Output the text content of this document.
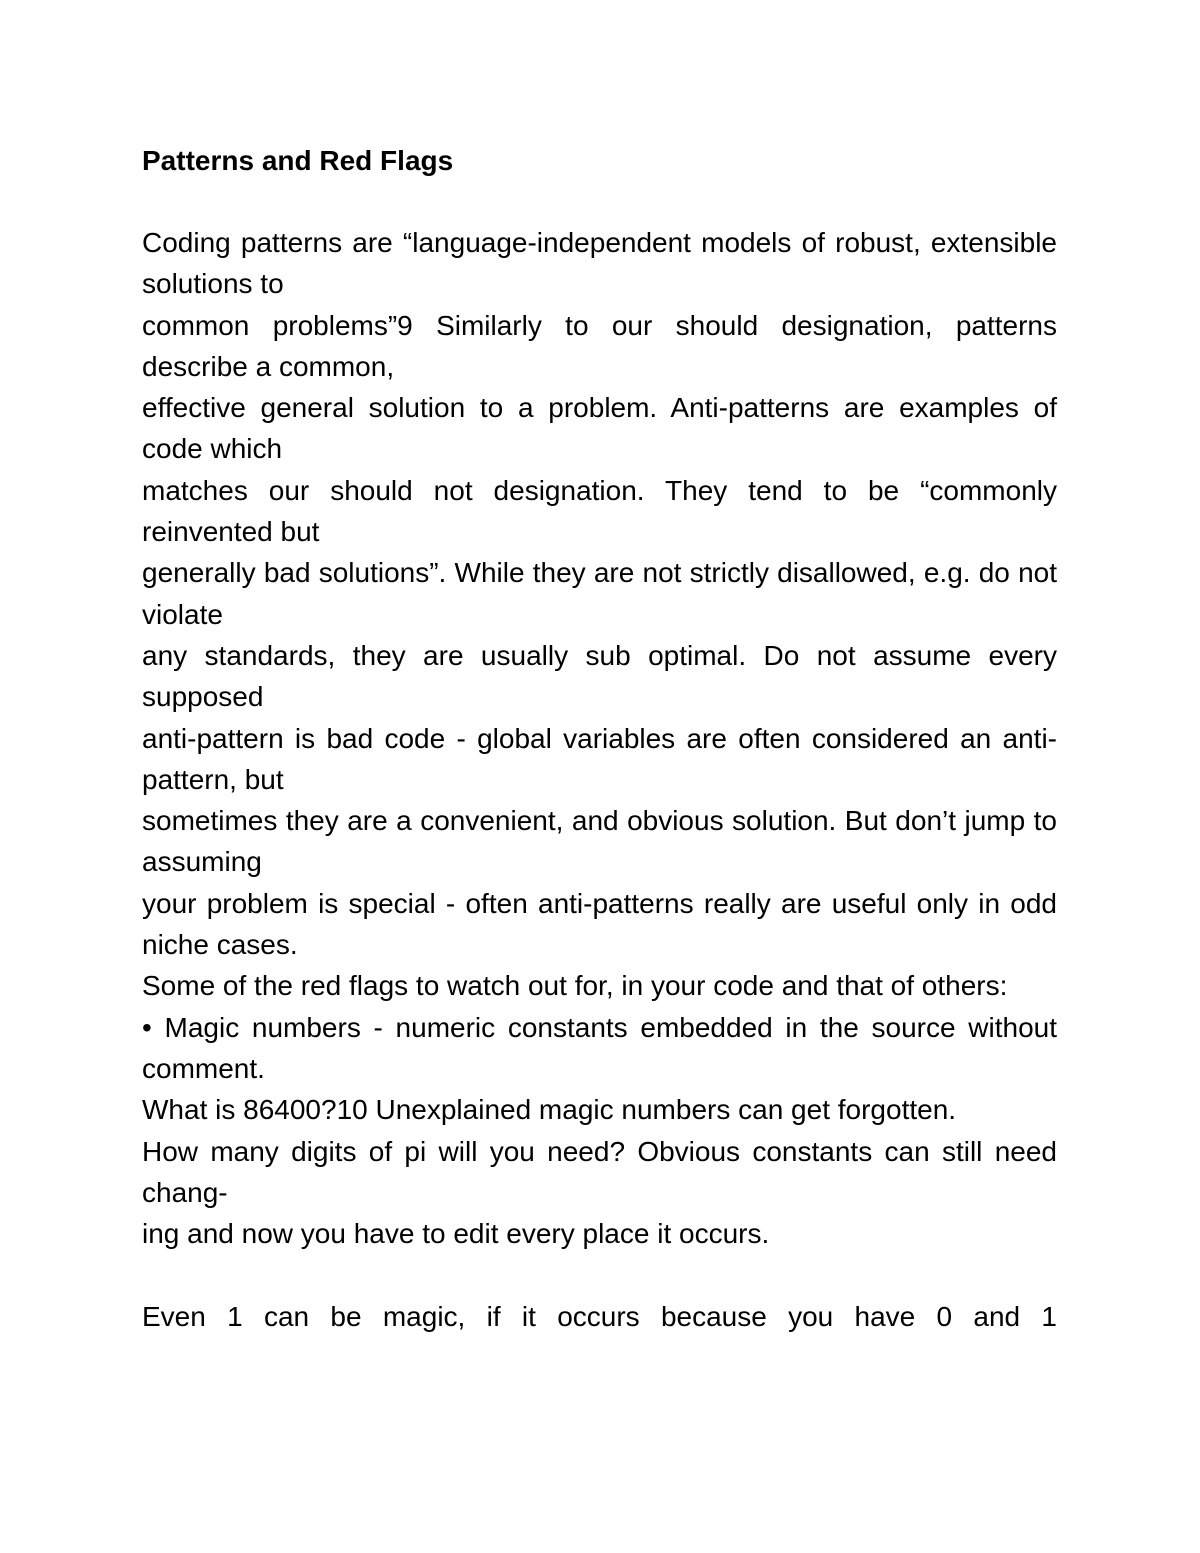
Patterns and Red Flags

Coding patterns are “language-independent models of robust, extensible solutions to

common problems”9 Similarly to our should designation, patterns describe a common,

effective general solution to a problem. Anti-patterns are examples of code which

matches our should not designation. They tend to be “commonly reinvented but

generally bad solutions”. While they are not strictly disallowed, e.g. do not violate

any standards, they are usually sub optimal. Do not assume every supposed

anti-pattern is bad code - global variables are often considered an anti-pattern, but

sometimes they are a convenient, and obvious solution. But don’t jump to assuming

your problem is special - often anti-patterns really are useful only in odd niche cases.

Some of the red flags to watch out for, in your code and that of others:

• Magic numbers - numeric constants embedded in the source without comment.

What is 86400?10 Unexplained magic numbers can get forgotten.

How many digits of pi will you need? Obvious constants can still need chang-

ing and now you have to edit every place it occurs.

Even 1 can be magic, if it occurs because you have 0 and 1
